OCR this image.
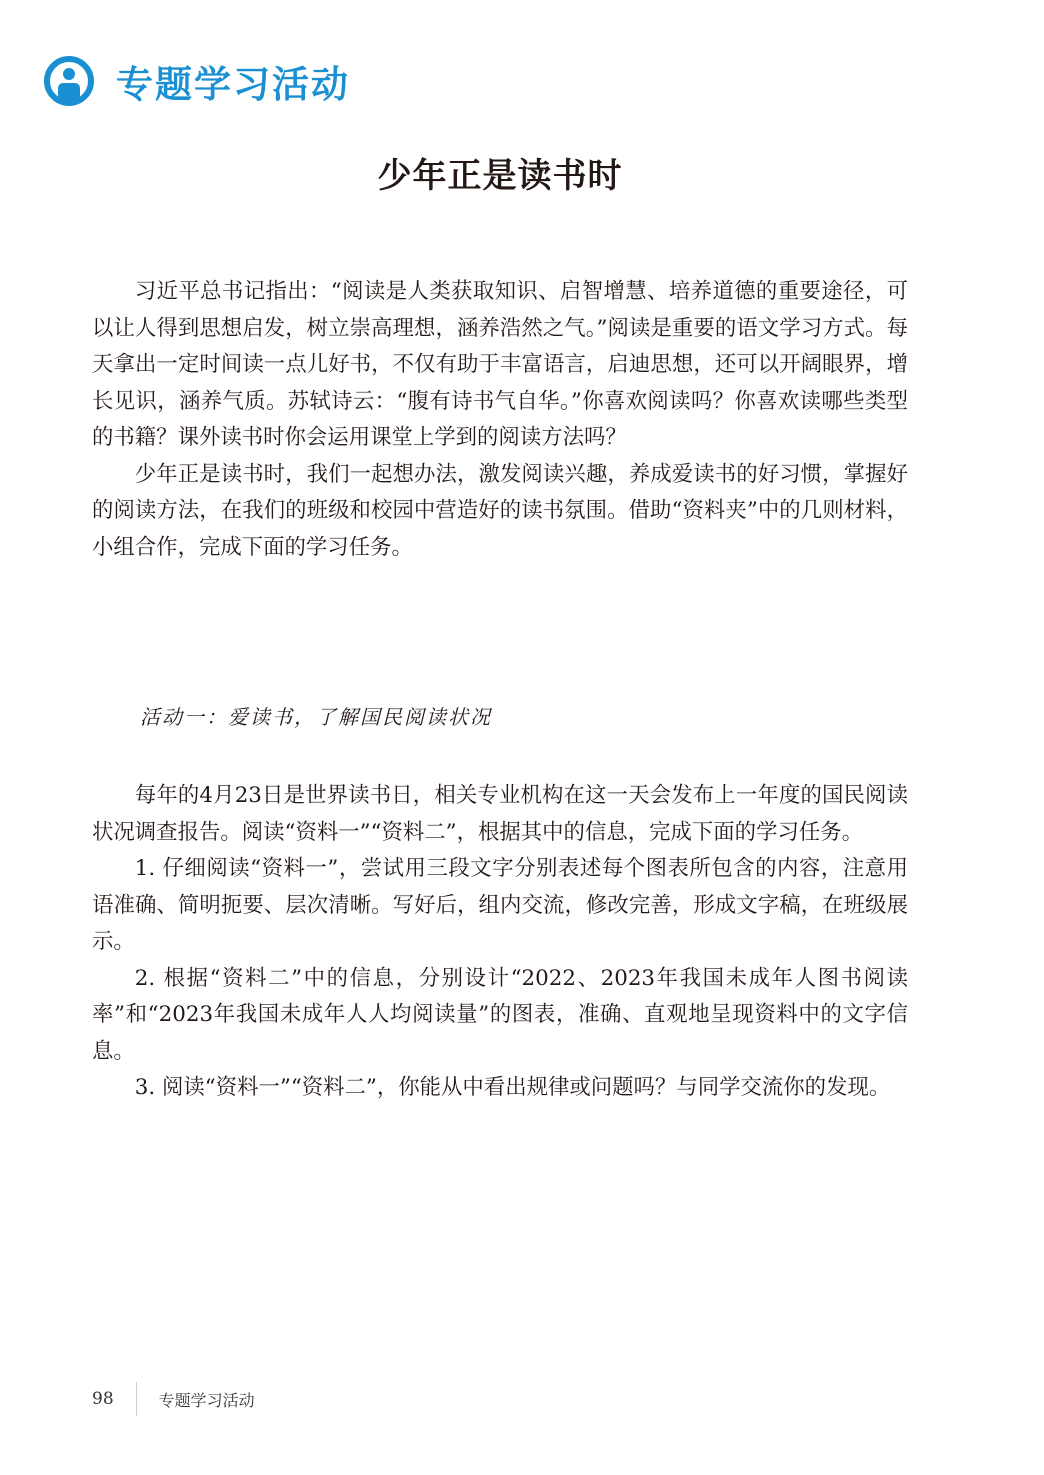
专题学习活动
少年正是读书时

习近平总书记指出：“阅读是人类获取知识、启智增慧、培养道德的重要途径，可以让人得到思想启发，树立崇高理想，涵养浩然之气。”阅读是重要的语文学习方式。每天拿出一定时间读一点儿好书，不仅有助于丰富语言，启迪思想，还可以开阔眼界，增长见识，涵养气质。苏轼诗云：“腹有诗书气自华。”你喜欢阅读吗？你喜欢读哪些类型的书籍？课外读书时你会运用课堂上学到的阅读方法吗？

少年正是读书时，我们一起想办法，激发阅读兴趣，养成爱读书的好习惯，掌握好的阅读方法，在我们的班级和校园中营造好的读书氛围。借助“资料夹”中的几则材料，小组合作，完成下面的学习任务。

活动一：爱读书，了解国民阅读状况

每年的4月23日是世界读书日，相关专业机构在这一天会发布上一年度的国民阅读状况调查报告。阅读“资料一”“资料二”，根据其中的信息，完成下面的学习任务。

1. 仔细阅读“资料一”，尝试用三段文字分别表述每个图表所包含的内容，注意用语准确、简明扼要、层次清晰。写好后，组内交流，修改完善，形成文字稿，在班级展示。

2. 根据“资料二”中的信息，分别设计“2022、2023年我国未成年人图书阅读率”和“2023年我国未成年人人均阅读量”的图表，准确、直观地呈现资料中的文字信息。

3. 阅读“资料一”“资料二”，你能从中看出规律或问题吗？与同学交流你的发现。

98	专题学习活动
